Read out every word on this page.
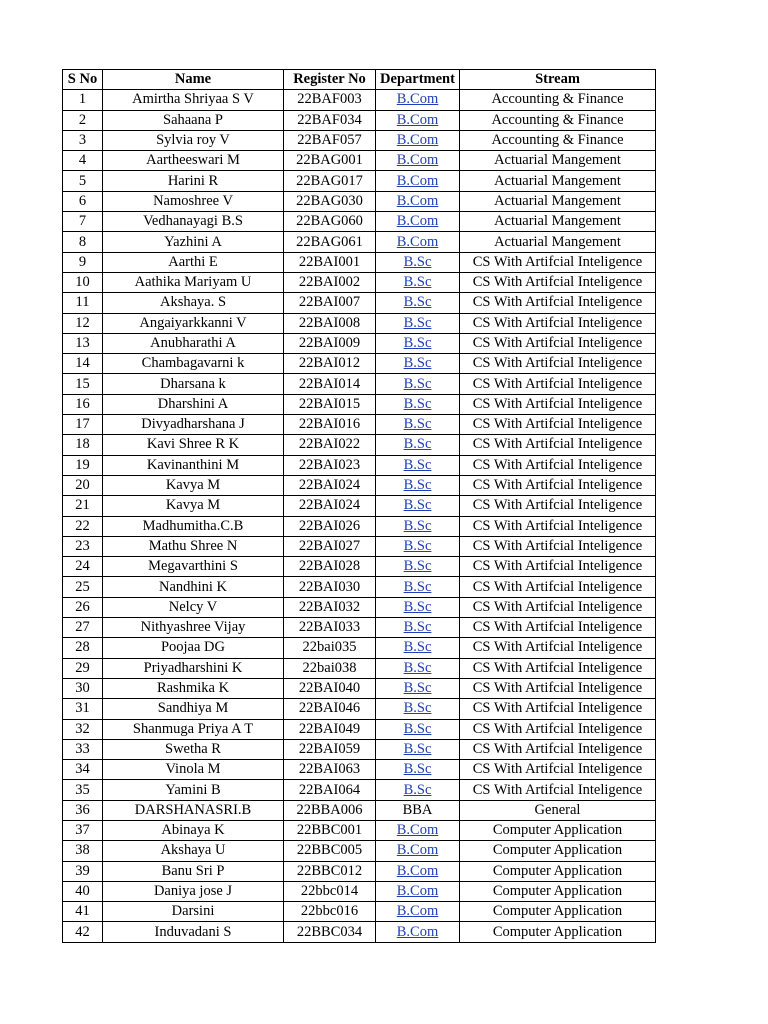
S No	Name	Register No	Department	Stream
1	Amirtha Shriyaa S V	22BAF003	B.Com	Accounting & Finance
2	Sahaana P	22BAF034	B.Com	Accounting & Finance
3	Sylvia roy V	22BAF057	B.Com	Accounting & Finance
4	Aartheeswari M	22BAG001	B.Com	Actuarial Mangement
5	Harini R	22BAG017	B.Com	Actuarial Mangement
6	Namoshree V	22BAG030	B.Com	Actuarial Mangement
7	Vedhanayagi B.S	22BAG060	B.Com	Actuarial Mangement
8	Yazhini A	22BAG061	B.Com	Actuarial Mangement
9	Aarthi E	22BAI001	B.Sc	CS With Artifcial Inteligence
10	Aathika Mariyam U	22BAI002	B.Sc	CS With Artifcial Inteligence
11	Akshaya. S	22BAI007	B.Sc	CS With Artifcial Inteligence
12	Angaiyarkkanni V	22BAI008	B.Sc	CS With Artifcial Inteligence
13	Anubharathi A	22BAI009	B.Sc	CS With Artifcial Inteligence
14	Chambagavarni k	22BAI012	B.Sc	CS With Artifcial Inteligence
15	Dharsana k	22BAI014	B.Sc	CS With Artifcial Inteligence
16	Dharshini A	22BAI015	B.Sc	CS With Artifcial Inteligence
17	Divyadharshana J	22BAI016	B.Sc	CS With Artifcial Inteligence
18	Kavi Shree R K	22BAI022	B.Sc	CS With Artifcial Inteligence
19	Kavinanthini M	22BAI023	B.Sc	CS With Artifcial Inteligence
20	Kavya M	22BAI024	B.Sc	CS With Artifcial Inteligence
21	Kavya M	22BAI024	B.Sc	CS With Artifcial Inteligence
22	Madhumitha.C.B	22BAI026	B.Sc	CS With Artifcial Inteligence
23	Mathu Shree N	22BAI027	B.Sc	CS With Artifcial Inteligence
24	Megavarthini S	22BAI028	B.Sc	CS With Artifcial Inteligence
25	Nandhini K	22BAI030	B.Sc	CS With Artifcial Inteligence
26	Nelcy V	22BAI032	B.Sc	CS With Artifcial Inteligence
27	Nithyashree Vijay	22BAI033	B.Sc	CS With Artifcial Inteligence
28	Poojaa DG	22bai035	B.Sc	CS With Artifcial Inteligence
29	Priyadharshini K	22bai038	B.Sc	CS With Artifcial Inteligence
30	Rashmika K	22BAI040	B.Sc	CS With Artifcial Inteligence
31	Sandhiya M	22BAI046	B.Sc	CS With Artifcial Inteligence
32	Shanmuga Priya A T	22BAI049	B.Sc	CS With Artifcial Inteligence
33	Swetha R	22BAI059	B.Sc	CS With Artifcial Inteligence
34	Vinola M	22BAI063	B.Sc	CS With Artifcial Inteligence
35	Yamini B	22BAI064	B.Sc	CS With Artifcial Inteligence
36	DARSHANASRI.B	22BBA006	BBA	General
37	Abinaya K	22BBC001	B.Com	Computer Application
38	Akshaya U	22BBC005	B.Com	Computer Application
39	Banu Sri P	22BBC012	B.Com	Computer Application
40	Daniya jose J	22bbc014	B.Com	Computer Application
41	Darsini	22bbc016	B.Com	Computer Application
42	Induvadani S	22BBC034	B.Com	Computer Application
